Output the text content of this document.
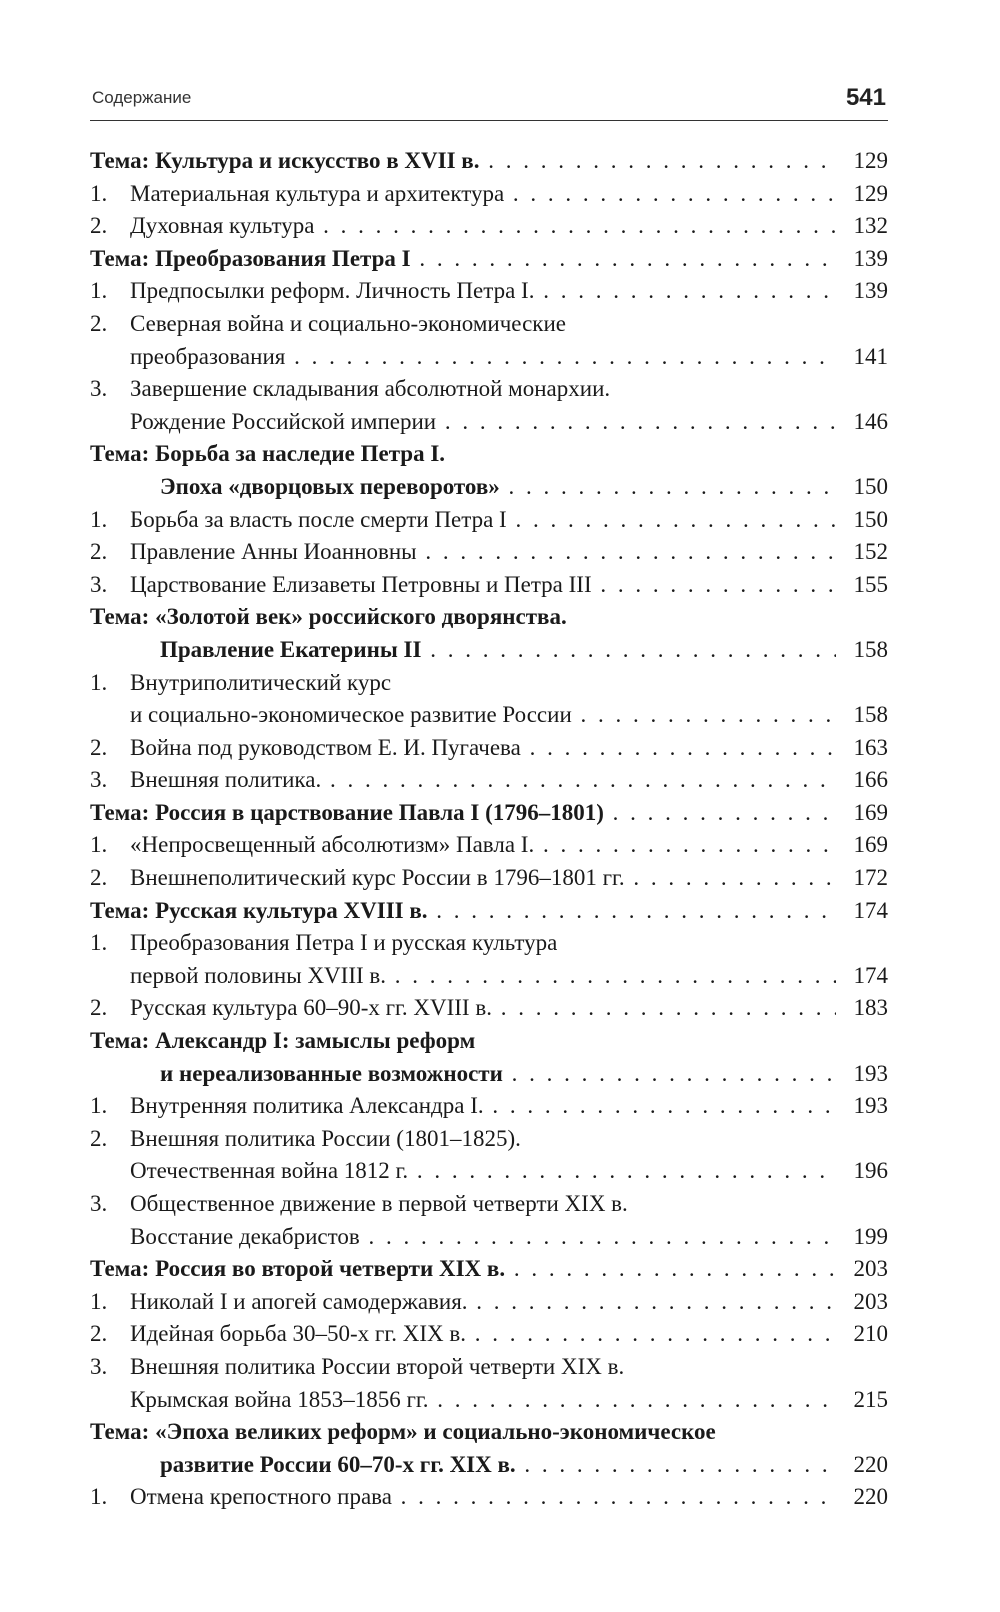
Содержание	541
Тема: Культура и искусство в XVII в. . . .	129
1. Материальная культура и архитектура . . .	129
2. Духовная культура . . .	132
Тема: Преобразования Петра I . . .	139
1. Предпосылки реформ. Личность Петра I. . . .	139
2. Северная война и социально-экономические
преобразования . . .	141
3. Завершение складывания абсолютной монархии.
Рождение Российской империи . . .	146
Тема: Борьба за наследие Петра I.
Эпоха «дворцовых переворотов» . . .	150
1. Борьба за власть после смерти Петра I . . .	150
2. Правление Анны Иоанновны . . .	152
3. Царствование Елизаветы Петровны и Петра III . . .	155
Тема: «Золотой век» российского дворянства.
Правление Екатерины II . . .	158
1. Внутриполитический курс
и социально-экономическое развитие России . . .	158
2. Война под руководством Е. И. Пугачева . . .	163
3. Внешняя политика. . . .	166
Тема: Россия в царствование Павла I (1796–1801) . . .	169
1. «Непросвещенный абсолютизм» Павла I. . . .	169
2. Внешнеполитический курс России в 1796–1801 гг. . . .	172
Тема: Русская культура XVIII в. . . .	174
1. Преобразования Петра I и русская культура
первой половины XVIII в. . . .	174
2. Русская культура 60–90-х гг. XVIII в. . . .	183
Тема: Александр I: замыслы реформ
и нереализованные возможности . . .	193
1. Внутренняя политика Александра I. . . .	193
2. Внешняя политика России (1801–1825).
Отечественная война 1812 г. . . .	196
3. Общественное движение в первой четверти XIX в.
Восстание декабристов . . .	199
Тема: Россия во второй четверти XIX в. . . .	203
1. Николай I и апогей самодержавия. . . .	203
2. Идейная борьба 30–50-х гг. XIX в. . . .	210
3. Внешняя политика России второй четверти XIX в.
Крымская война 1853–1856 гг. . . .	215
Тема: «Эпоха великих реформ» и социально-экономическое
развитие России 60–70-х гг. XIX в. . . .	220
1. Отмена крепостного права . . .	220
